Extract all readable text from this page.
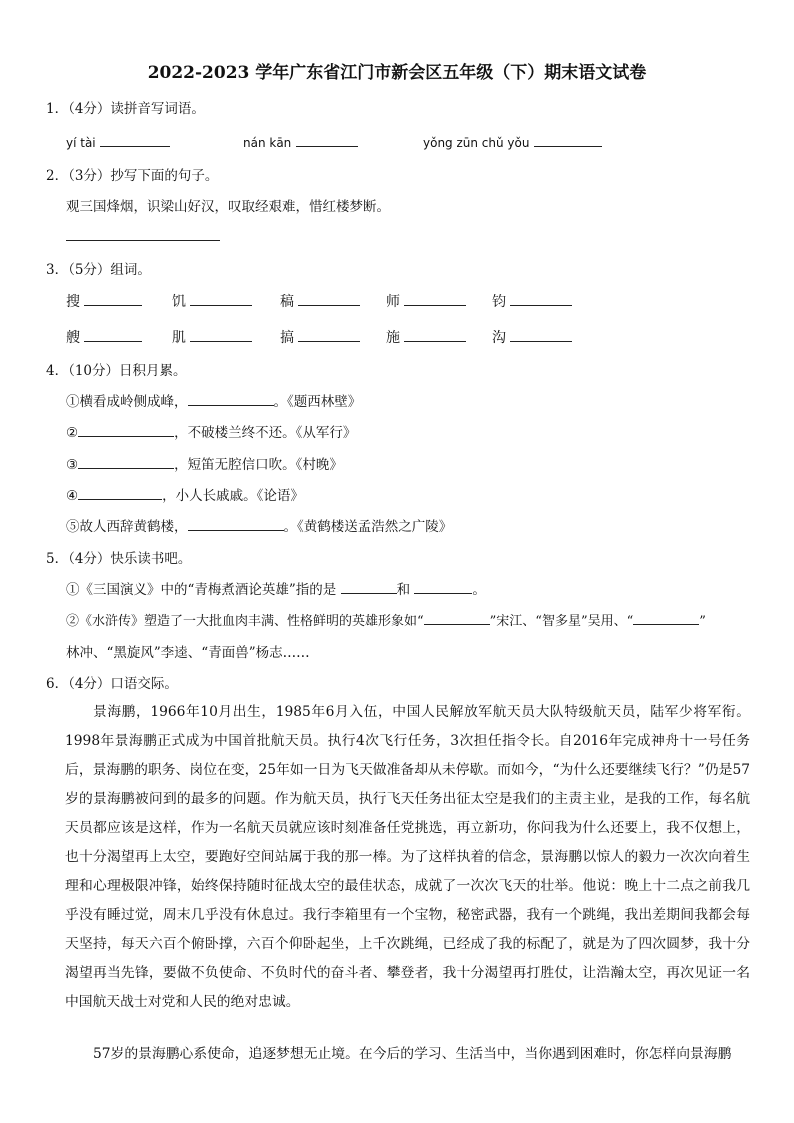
2022-2023 学年广东省江门市新会区五年级（下）期末语文试卷
1．（4分）读拼音写词语。
yí tài	nán kān	yǒng zūn chǔ yǒu
2．（3分）抄写下面的句子。
观三国烽烟，识梁山好汉，叹取经艰难，惜红楼梦断。
3．（5分）组词。
搜	饥	稿	师	钧
艘	肌	搞	施	沟
4．（10分）日积月累。
①横看成岭侧成峰，	。《题西林壁》
②	，不破楼兰终不还。《从军行》
③	，短笛无腔信口吹。《村晚》
④	，小人长戚戚。《论语》
⑤故人西辞黄鹤楼，	。《黄鹤楼送孟浩然之广陵》
5．（4分）快乐读书吧。
①《三国演义》中的“青梅煮酒论英雄”指的是	和	。
②《水浒传》塑造了一大批血肉丰满、性格鲜明的英雄形象如“	”宋江、“智多星”吴用、“	”
林冲、“黑旋风”李逵、“青面兽”杨志……
6．（4分）口语交际。
景海鹏，1966年10月出生，1985年6月入伍，中国人民解放军航天员大队特级航天员，陆军少将军衔。1998年景海鹏正式成为中国首批航天员。执行4次飞行任务，3次担任指令长。自2016年完成神舟十一号任务后，景海鹏的职务、岗位在变，25年如一日为飞天做准备却从未停歇。而如今，“为什么还要继续飞行？”仍是57岁的景海鹏被问到的最多的问题。作为航天员，执行飞天任务出征太空是我们的主责主业，是我的工作，每名航天员都应该是这样，作为一名航天员就应该时刻准备任党挑选，再立新功，你问我为什么还要上，我不仅想上，也十分渴望再上太空，要跑好空间站属于我的那一棒。为了这样执着的信念，景海鹏以惊人的毅力一次次向着生理和心理极限冲锋，始终保持随时征战太空的最佳状态，成就了一次次飞天的壮举。他说：晚上十二点之前我几乎没有睡过觉，周末几乎没有休息过。我行李箱里有一个宝物，秘密武器，我有一个跳绳，我出差期间我都会每天坚持，每天六百个俯卧撑，六百个仰卧起坐，上千次跳绳，已经成了我的标配了，就是为了四次圆梦，我十分渴望再当先锋，要做不负使命、不负时代的奋斗者、攀登者，我十分渴望再打胜仗，让浩瀚太空，再次见证一名中国航天战士对党和人民的绝对忠诚。
57岁的景海鹏心系使命，追逐梦想无止境。在今后的学习、生活当中，当你遇到困难时，你怎样向景海鹏
